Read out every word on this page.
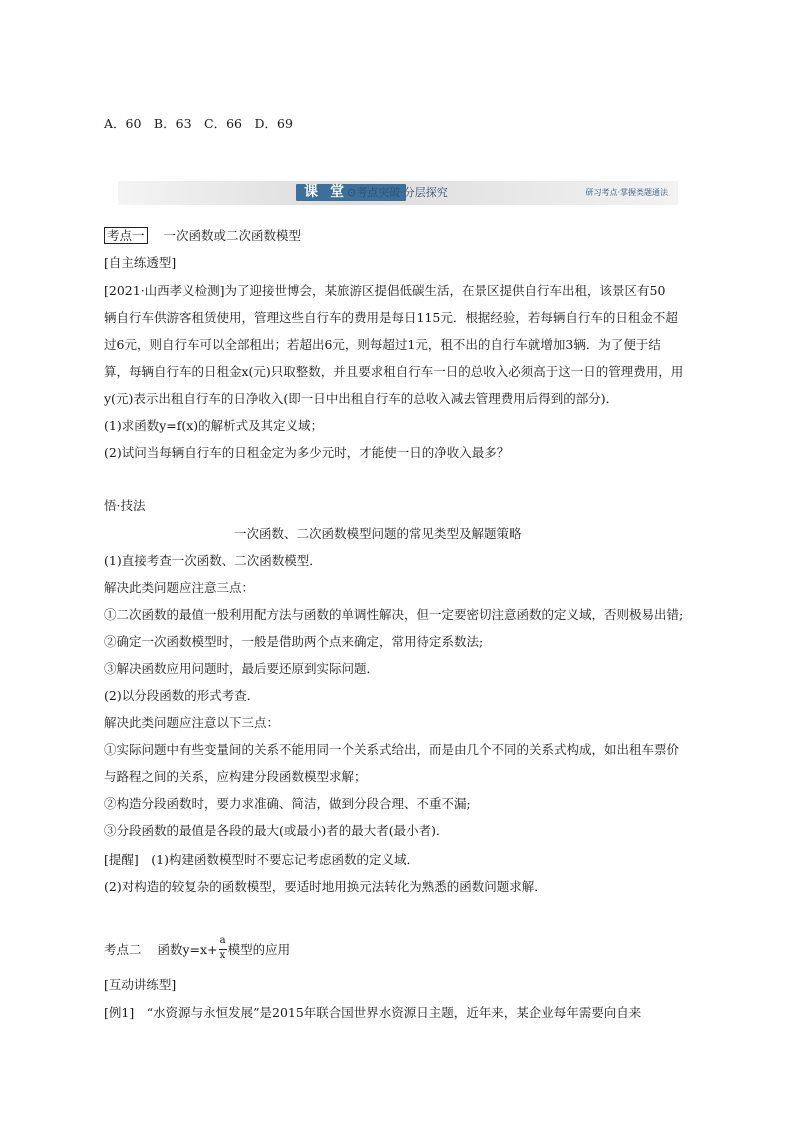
A．60　B．63　C．66　D．69
课堂
⊙考点突破·分层探究	研习考点·掌握类题通法
考点一 一次函数或二次函数模型
[自主练透型]
[2021·山西孝义检测]为了迎接世博会，某旅游区提倡低碳生活，在景区提供自行车出租，该景区有50
辆自行车供游客租赁使用，管理这些自行车的费用是每日115元．根据经验，若每辆自行车的日租金不超
过6元，则自行车可以全部租出；若超出6元，则每超过1元，租不出的自行车就增加3辆．为了便于结
算，每辆自行车的日租金x(元)只取整数，并且要求租自行车一日的总收入必须高于这一日的管理费用，用
y(元)表示出租自行车的日净收入(即一日中出租自行车的总收入减去管理费用后得到的部分)．
(1)求函数y=f(x)的解析式及其定义域；
(2)试问当每辆自行车的日租金定为多少元时，才能使一日的净收入最多？
悟·技法
一次函数、二次函数模型问题的常见类型及解题策略
(1)直接考查一次函数、二次函数模型．
解决此类问题应注意三点：
①二次函数的最值一般利用配方法与函数的单调性解决，但一定要密切注意函数的定义域，否则极易出错;
②确定一次函数模型时，一般是借助两个点来确定，常用待定系数法;
③解决函数应用问题时，最后要还原到实际问题．
(2)以分段函数的形式考查．
解决此类问题应注意以下三点：
①实际问题中有些变量间的关系不能用同一个关系式给出，而是由几个不同的关系式构成，如出租车票价
与路程之间的关系，应构建分段函数模型求解；
②构造分段函数时，要力求准确、简洁，做到分段合理、不重不漏;
③分段函数的最值是各段的最大(或最小)者的最大者(最小者)．
[提醒]　(1)构建函数模型时不要忘记考虑函数的定义域．
(2)对构造的较复杂的函数模型，要适时地用换元法转化为熟悉的函数问题求解．
考点二 函数$y=x+ \frac{a}{x}$ 模型的应用
[互动讲练型]
[例1]　“水资源与永恒发展”是2015年联合国世界水资源日主题，近年来，某企业每年需要向自来
